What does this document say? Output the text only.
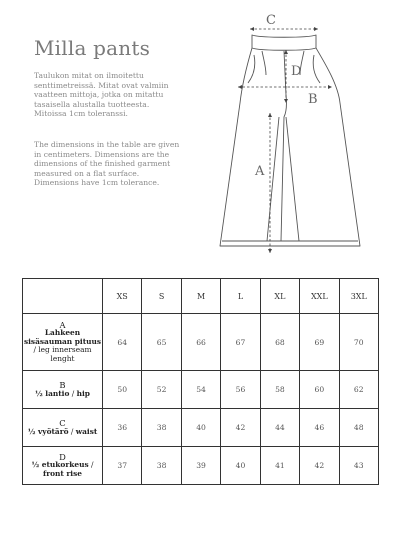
Milla pants

Taulukon mitat on ilmoitettu senttimetreissä. Mitat ovat valmiin vaatteen mittoja, jotka on mitattu tasaisella alustalla tuotteesta. Mitoissa 1cm toleranssi.

The dimensions in the table are given in centimeters. Dimensions are the dimensions of the finished garment measured on a flat surface. Dimensions have 1cm tolerance.

C
D
B
A
	XS	S	M	L	XL	XXL	3XL

A
Lahkeen sisäsauman pituus / leg innerseam lenght	64	65	66	67	68	69	70

B
½ lantio / hip	50	52	54	56	58	60	62

C
½ vyötärö / waist	36	38	40	42	44	46	48

D
½ etukorkeus / front rise	37	38	39	40	41	42	43
